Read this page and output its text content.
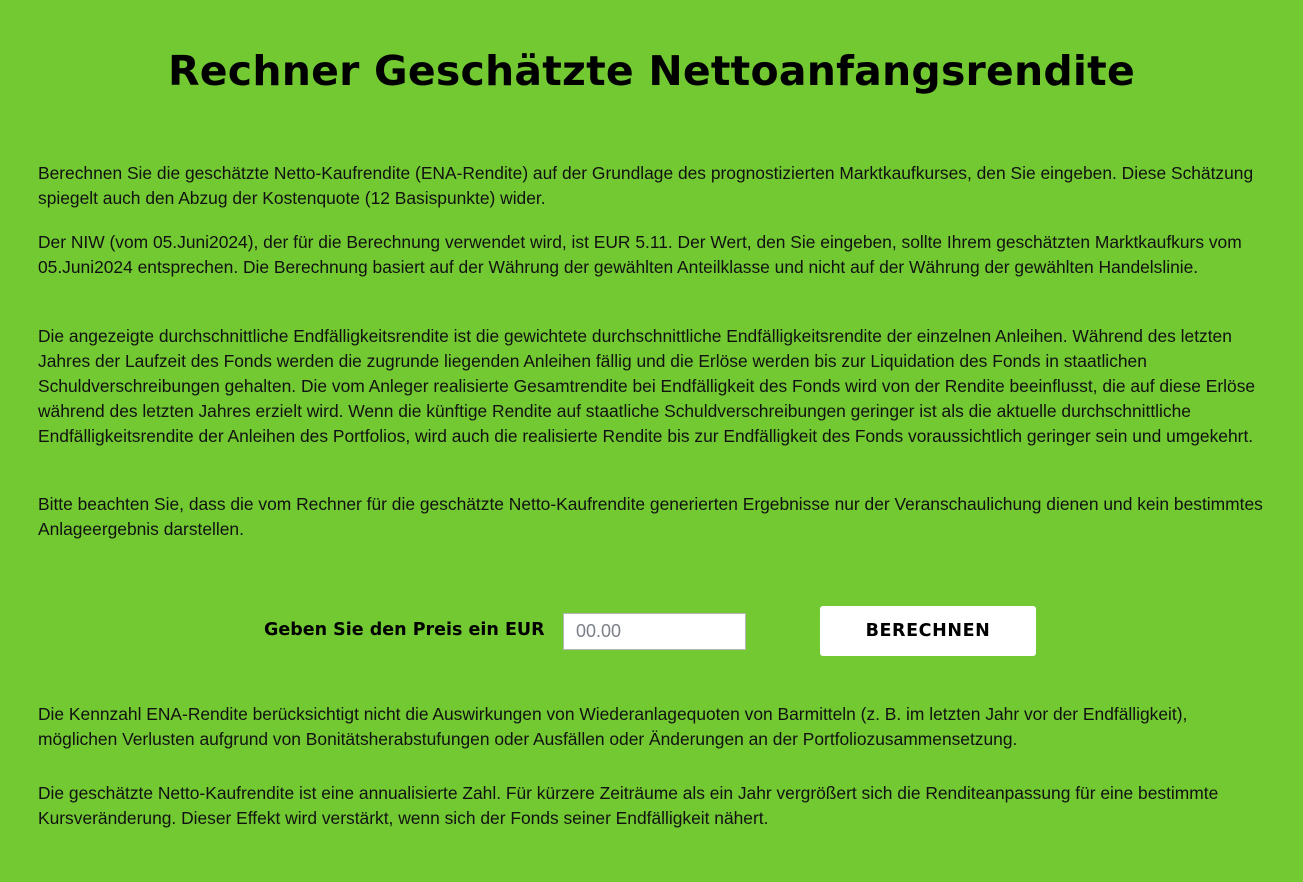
Rechner Geschätzte Nettoanfangsrendite

Berechnen Sie die geschätzte Netto-Kaufrendite (ENA-Rendite) auf der Grundlage des prognostizierten Marktkaufkurses, den Sie eingeben. Diese Schätzung spiegelt auch den Abzug der Kostenquote (12 Basispunkte) wider.

Der NIW (vom 05.Juni2024), der für die Berechnung verwendet wird, ist EUR 5.11. Der Wert, den Sie eingeben, sollte Ihrem geschätzten Marktkaufkurs vom 05.Juni2024 entsprechen. Die Berechnung basiert auf der Währung der gewählten Anteilklasse und nicht auf der Währung der gewählten Handelslinie.

Die angezeigte durchschnittliche Endfälligkeitsrendite ist die gewichtete durchschnittliche Endfälligkeitsrendite der einzelnen Anleihen. Während des letzten Jahres der Laufzeit des Fonds werden die zugrunde liegenden Anleihen fällig und die Erlöse werden bis zur Liquidation des Fonds in staatlichen Schuldverschreibungen gehalten. Die vom Anleger realisierte Gesamtrendite bei Endfälligkeit des Fonds wird von der Rendite beeinflusst, die auf diese Erlöse während des letzten Jahres erzielt wird. Wenn die künftige Rendite auf staatliche Schuldverschreibungen geringer ist als die aktuelle durchschnittliche Endfälligkeitsrendite der Anleihen des Portfolios, wird auch die realisierte Rendite bis zur Endfälligkeit des Fonds voraussichtlich geringer sein und umgekehrt.

Bitte beachten Sie, dass die vom Rechner für die geschätzte Netto-Kaufrendite generierten Ergebnisse nur der Veranschaulichung dienen und kein bestimmtes Anlageergebnis darstellen.

Geben Sie den Preis ein EUR
00.00	BERECHNEN

Die Kennzahl ENA-Rendite berücksichtigt nicht die Auswirkungen von Wiederanlagequoten von Barmitteln (z. B. im letzten Jahr vor der Endfälligkeit), möglichen Verlusten aufgrund von Bonitätsherabstufungen oder Ausfällen oder Änderungen an der Portfoliozusammensetzung.

Die geschätzte Netto-Kaufrendite ist eine annualisierte Zahl. Für kürzere Zeiträume als ein Jahr vergrößert sich die Renditeanpassung für eine bestimmte Kursveränderung. Dieser Effekt wird verstärkt, wenn sich der Fonds seiner Endfälligkeit nähert.
